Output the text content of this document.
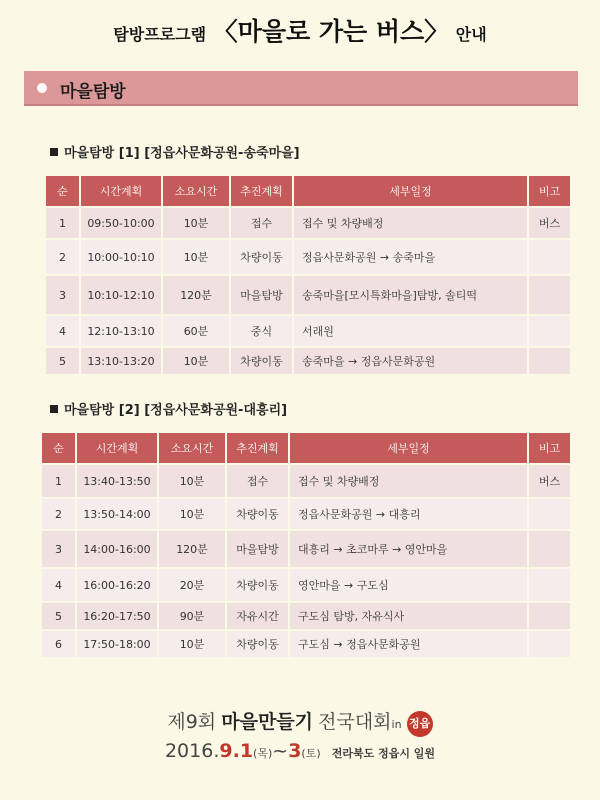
탐방프로그램 〈마을로 가는 버스〉 안내
마을탐방
마을탐방 [1] [정읍사문화공원-송죽마을]
순	시간계획	소요시간	추진계획	세부일정	비고
1	09:50-10:00	10분	접수	접수 및 차량배정	버스
2	10:00-10:10	10분	차량이동	정읍사문화공원 → 송죽마을	
3	10:10-12:10	120분	마을탐방	송죽마을[모시특화마을]탐방, 솔티떡	
4	12:10-13:10	60분	중식	서래원	
5	13:10-13:20	10분	차량이동	송죽마을 → 정읍사문화공원	
마을탐방 [2] [정읍사문화공원-대흥리]
순	시간계획	소요시간	추진계획	세부일정	비고
1	13:40-13:50	10분	접수	접수 및 차량배정	버스
2	13:50-14:00	10분	차량이동	정읍사문화공원 → 대흥리	
3	14:00-16:00	120분	마을탐방	대흥리 → 초코마루 → 영안마을	
4	16:00-16:20	20분	차량이동	영안마을 → 구도심	
5	16:20-17:50	90분	자유시간	구도심 탐방, 자유식사	
6	17:50-18:00	10분	차량이동	구도심 → 정읍사문화공원	
제9회 마을만들기 전국대회in 정읍
2016.9.1(목)~3(토) 전라북도 정읍시 일원
